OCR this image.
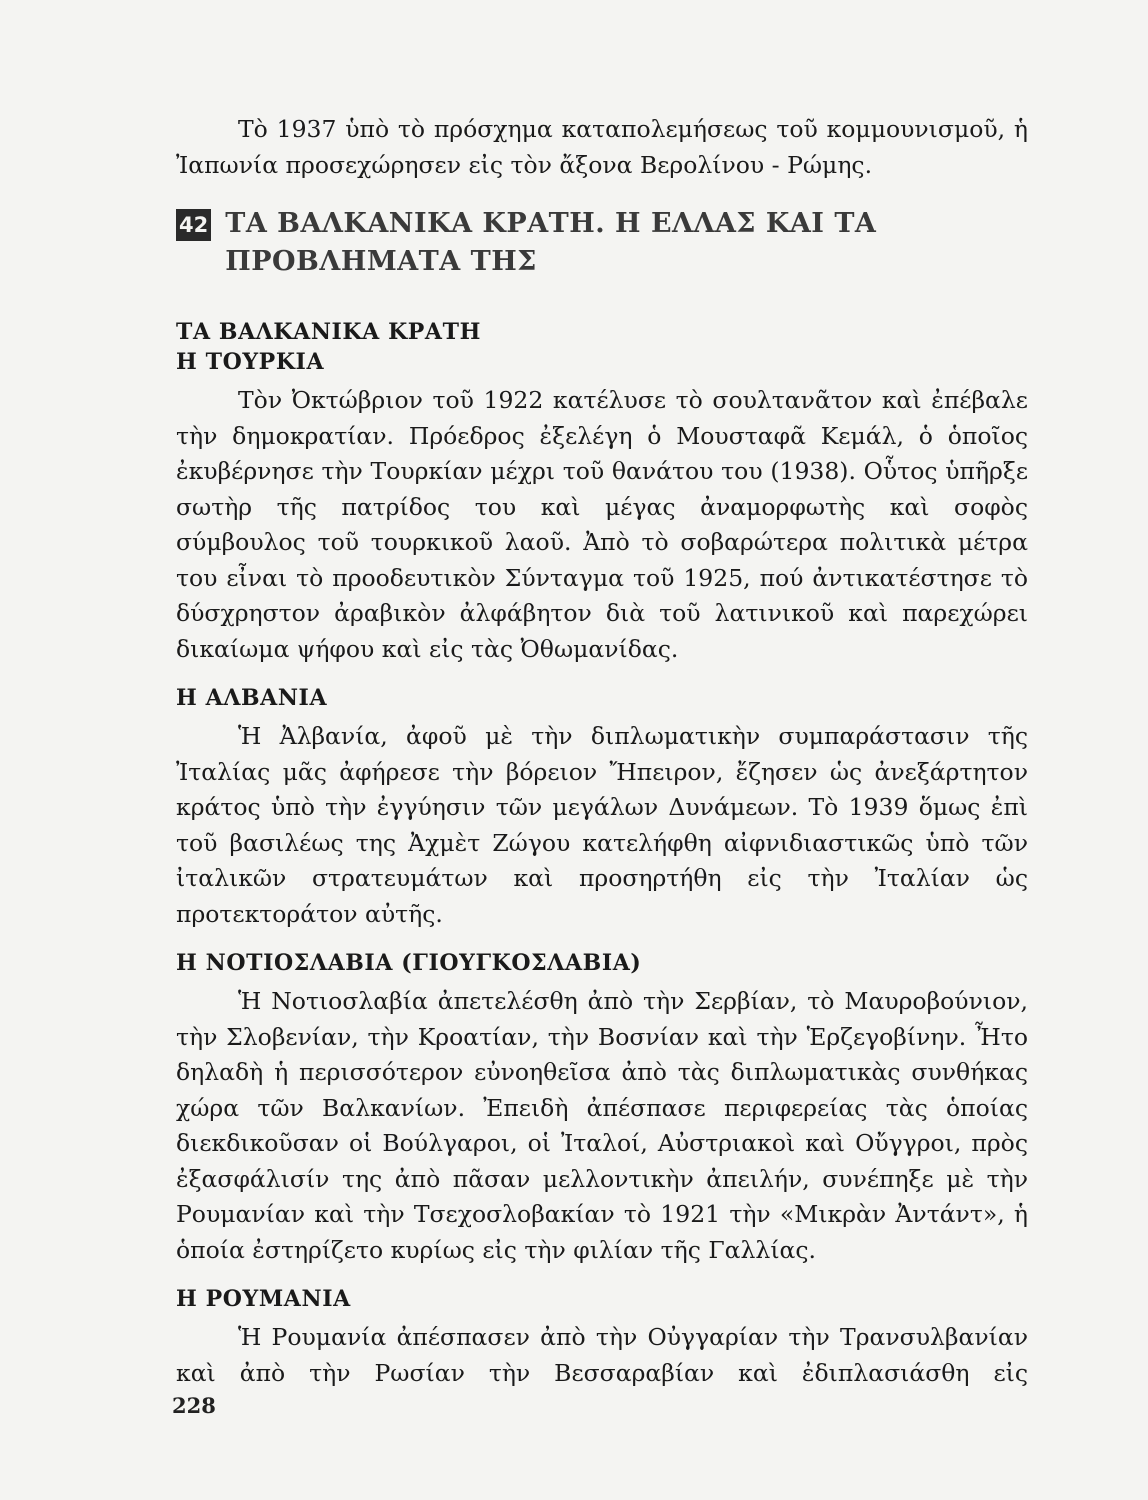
Τὸ 1937 ὑπὸ τὸ πρόσχημα καταπολεμήσεως τοῦ κομμουνισμοῦ, ἡ Ἰαπωνία προσεχώρησεν εἰς τὸν ἄξονα Βερολίνου - Ρώμης.

42 ΤΑ ΒΑΛΚΑΝΙΚΑ ΚΡΑΤΗ. Η ΕΛΛΑΣ ΚΑΙ ΤΑ ΠΡΟΒΛΗΜΑΤΑ ΤΗΣ
ΤΑ ΒΑΛΚΑΝΙΚΑ ΚΡΑΤΗ
Η ΤΟΥΡΚΙΑ

Τὸν Ὀκτώβριον τοῦ 1922 κατέλυσε τὸ σουλτανᾶτον καὶ ἐπέβαλε τὴν δημοκρατίαν. Πρόεδρος ἐξελέγη ὁ Μουσταφᾶ Κεμάλ, ὁ ὁποῖος ἐκυβέρνησε τὴν Τουρκίαν μέχρι τοῦ θανάτου του (1938). Οὗτος ὑπῆρξε σωτὴρ τῆς πατρίδος του καὶ μέγας ἀναμορφωτὴς καὶ σοφὸς σύμβουλος τοῦ τουρκικοῦ λαοῦ. Ἀπὸ τὸ σοβαρώτερα πολιτικὰ μέτρα του εἶναι τὸ προοδευτικὸν Σύνταγμα τοῦ 1925, πού ἀντικατέστησε τὸ δύσχρηστον ἀραβικὸν ἀλφάβητον διὰ τοῦ λατινικοῦ καὶ παρεχώρει δικαίωμα ψήφου καὶ εἰς τὰς Ὀθωμανίδας.

Η ΑΛΒΑΝΙΑ

Ἡ Ἀλβανία, ἀφοῦ μὲ τὴν διπλωματικὴν συμπαράστασιν τῆς Ἰταλίας μᾶς ἀφήρεσε τὴν βόρειον Ἤπειρον, ἔζησεν ὡς ἀνεξάρτητον κράτος ὑπὸ τὴν ἐγγύησιν τῶν μεγάλων Δυνάμεων. Τὸ 1939 ὅμως ἐπὶ τοῦ βασιλέως της Ἀχμὲτ Ζώγου κατελήφθη αἰφνιδιαστικῶς ὑπὸ τῶν ἰταλικῶν στρατευμάτων καὶ προσηρτήθη εἰς τὴν Ἰταλίαν ὡς προτεκτοράτον αὐτῆς.

Η ΝΟΤΙΟΣΛΑΒΙΑ (ΓΙΟΥΓΚΟΣΛΑΒΙΑ)

Ἡ Νοτιοσλαβία ἀπετελέσθη ἀπὸ τὴν Σερβίαν, τὸ Μαυροβούνιον, τὴν Σλοβενίαν, τὴν Κροατίαν, τὴν Βοσνίαν καὶ τὴν Ἑρζεγοβίνην. Ἦτο δηλαδὴ ἡ περισσότερον εὐνοηθεῖσα ἀπὸ τὰς διπλωματικὰς συνθήκας χώρα τῶν Βαλκανίων. Ἐπειδὴ ἀπέσπασε περιφερείας τὰς ὁποίας διεκδικοῦσαν οἱ Βούλγαροι, οἱ Ἰταλοί, Αὐστριακοὶ καὶ Οὔγγροι, πρὸς ἐξασφάλισίν της ἀπὸ πᾶσαν μελλοντικὴν ἀπειλήν, συνέπηξε μὲ τὴν Ρουμανίαν καὶ τὴν Τσεχοσλοβακίαν τὸ 1921 τὴν «Μικρὰν Ἀντάντ», ἡ ὁποία ἐστηρίζετο κυρίως εἰς τὴν φιλίαν τῆς Γαλλίας.

Η ΡΟΥΜΑΝΙΑ

Ἡ Ρουμανία ἀπέσπασεν ἀπὸ τὴν Οὐγγαρίαν τὴν Τρανσυλβανίαν καὶ ἀπὸ τὴν Ρωσίαν τὴν Βεσσαραβίαν καὶ ἐδιπλασιάσθη εἰς

228
